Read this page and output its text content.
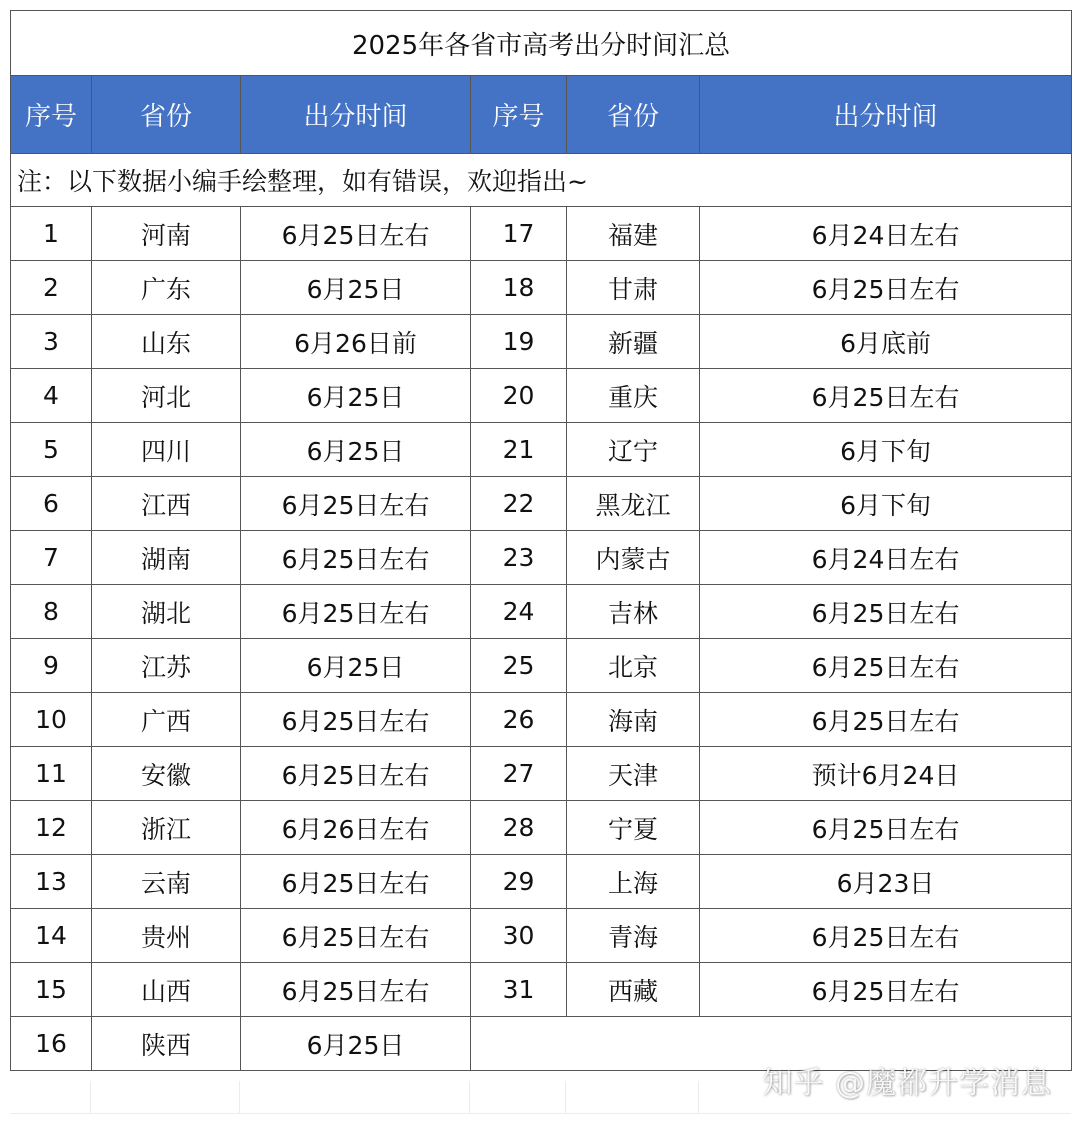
2025年各省市高考出分时间汇总					
序号	省份	出分时间	序号	省份	出分时间
注：以下数据小编手绘整理，如有错误，欢迎指出~					
1	河南	6月25日左右	17	福建	6月24日左右
2	广东	6月25日	18	甘肃	6月25日左右
3	山东	6月26日前	19	新疆	6月底前
4	河北	6月25日	20	重庆	6月25日左右
5	四川	6月25日	21	辽宁	6月下旬
6	江西	6月25日左右	22	黑龙江	6月下旬
7	湖南	6月25日左右	23	内蒙古	6月24日左右
8	湖北	6月25日左右	24	吉林	6月25日左右
9	江苏	6月25日	25	北京	6月25日左右
10	广西	6月25日左右	26	海南	6月25日左右
11	安徽	6月25日左右	27	天津	预计6月24日
12	浙江	6月26日左右	28	宁夏	6月25日左右
13	云南	6月25日左右	29	上海	6月23日
14	贵州	6月25日左右	30	青海	6月25日左右
15	山西	6月25日左右	31	西藏	6月25日左右
16	陕西	6月25日			
知乎 @魔都升学消息
